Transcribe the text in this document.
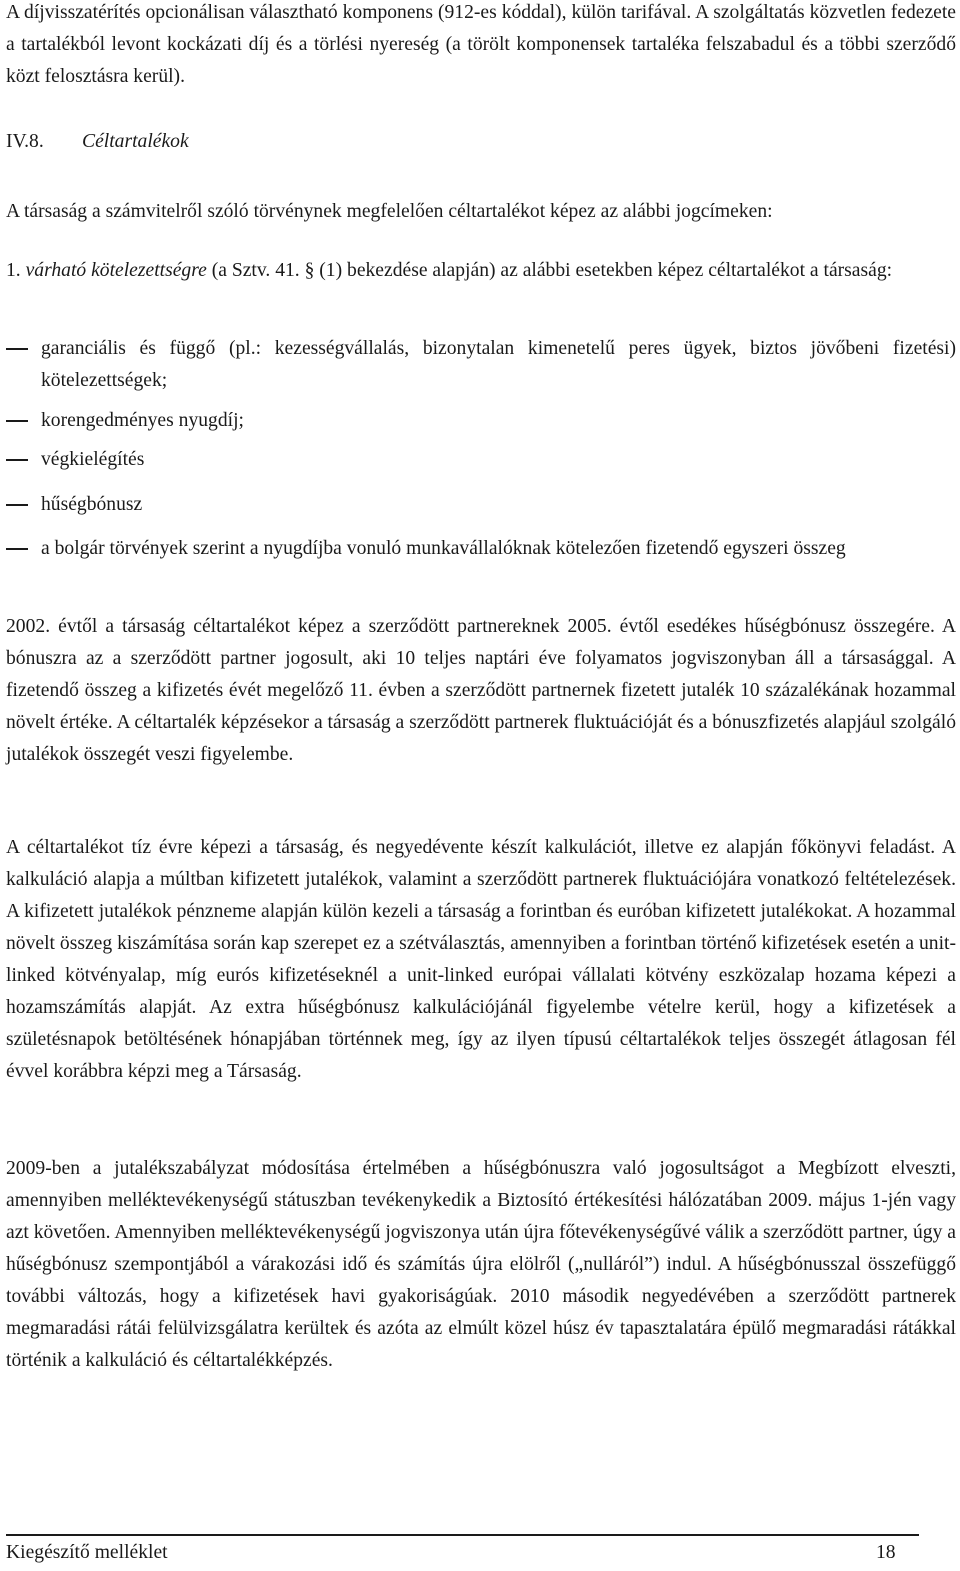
A díjvisszatérítés opcionálisan választható komponens (912-es kóddal), külön tarifával. A szolgáltatás közvetlen fedezete a tartalékból levont kockázati díj és a törlési nyereség (a törölt komponensek tartaléka felszabadul és a többi szerződő közt felosztásra kerül).

IV.8. Céltartalékok

A társaság a számvitelről szóló törvénynek megfelelően céltartalékot képez az alábbi jogcímeken:

1. várható kötelezettségre (a Sztv. 41. § (1) bekezdése alapján) az alábbi esetekben képez céltartalékot a társaság:

garanciális és függő (pl.: kezességvállalás, bizonytalan kimenetelű peres ügyek, biztos jövőbeni fizetési) kötelezettségek;
korengedményes nyugdíj;
végkielégítés
hűségbónusz
a bolgár törvények szerint a nyugdíjba vonuló munkavállalóknak kötelezően fizetendő egyszeri összeg

2002. évtől a társaság céltartalékot képez a szerződött partnereknek 2005. évtől esedékes hűségbónusz összegére. A bónuszra az a szerződött partner jogosult, aki 10 teljes naptári éve folyamatos jogviszonyban áll a társasággal. A fizetendő összeg a kifizetés évét megelőző 11. évben a szerződött partnernek fizetett jutalék 10 százalékának hozammal növelt értéke. A céltartalék képzésekor a társaság a szerződött partnerek fluktuációját és a bónuszfizetés alapjául szolgáló jutalékok összegét veszi figyelembe.

A céltartalékot tíz évre képezi a társaság, és negyedévente készít kalkulációt, illetve ez alapján főkönyvi feladást. A kalkuláció alapja a múltban kifizetett jutalékok, valamint a szerződött partnerek fluktuációjára vonatkozó feltételezések. A kifizetett jutalékok pénzneme alapján külön kezeli a társaság a forintban és euróban kifizetett jutalékokat. A hozammal növelt összeg kiszámítása során kap szerepet ez a szétválasztás, amennyiben a forintban történő kifizetések esetén a unit-linked kötvényalap, míg eurós kifizetéseknél a unit-linked európai vállalati kötvény eszközalap hozama képezi a hozamszámítás alapját. Az extra hűségbónusz kalkulációjánál figyelembe vételre kerül, hogy a kifizetések a születésnapok betöltésének hónapjában történnek meg, így az ilyen típusú céltartalékok teljes összegét átlagosan fél évvel korábbra képzi meg a Társaság.

2009-ben a jutalékszabályzat módosítása értelmében a hűségbónuszra való jogosultságot a Megbízott elveszti, amennyiben melléktevékenységű státuszban tevékenykedik a Biztosító értékesítési hálózatában 2009. május 1-jén vagy azt követően. Amennyiben melléktevékenységű jogviszonya után újra főtevékenységűvé válik a szerződött partner, úgy a hűségbónusz szempontjából a várakozási idő és számítás újra elölről („nulláról”) indul. A hűségbónusszal összefüggő további változás, hogy a kifizetések havi gyakoriságúak. 2010 második negyedévében a szerződött partnerek megmaradási rátái felülvizsgálatra kerültek és azóta az elmúlt közel húsz év tapasztalatára épülő megmaradási rátákkal történik a kalkuláció és céltartalékképzés.

Kiegészítő melléklet	18
